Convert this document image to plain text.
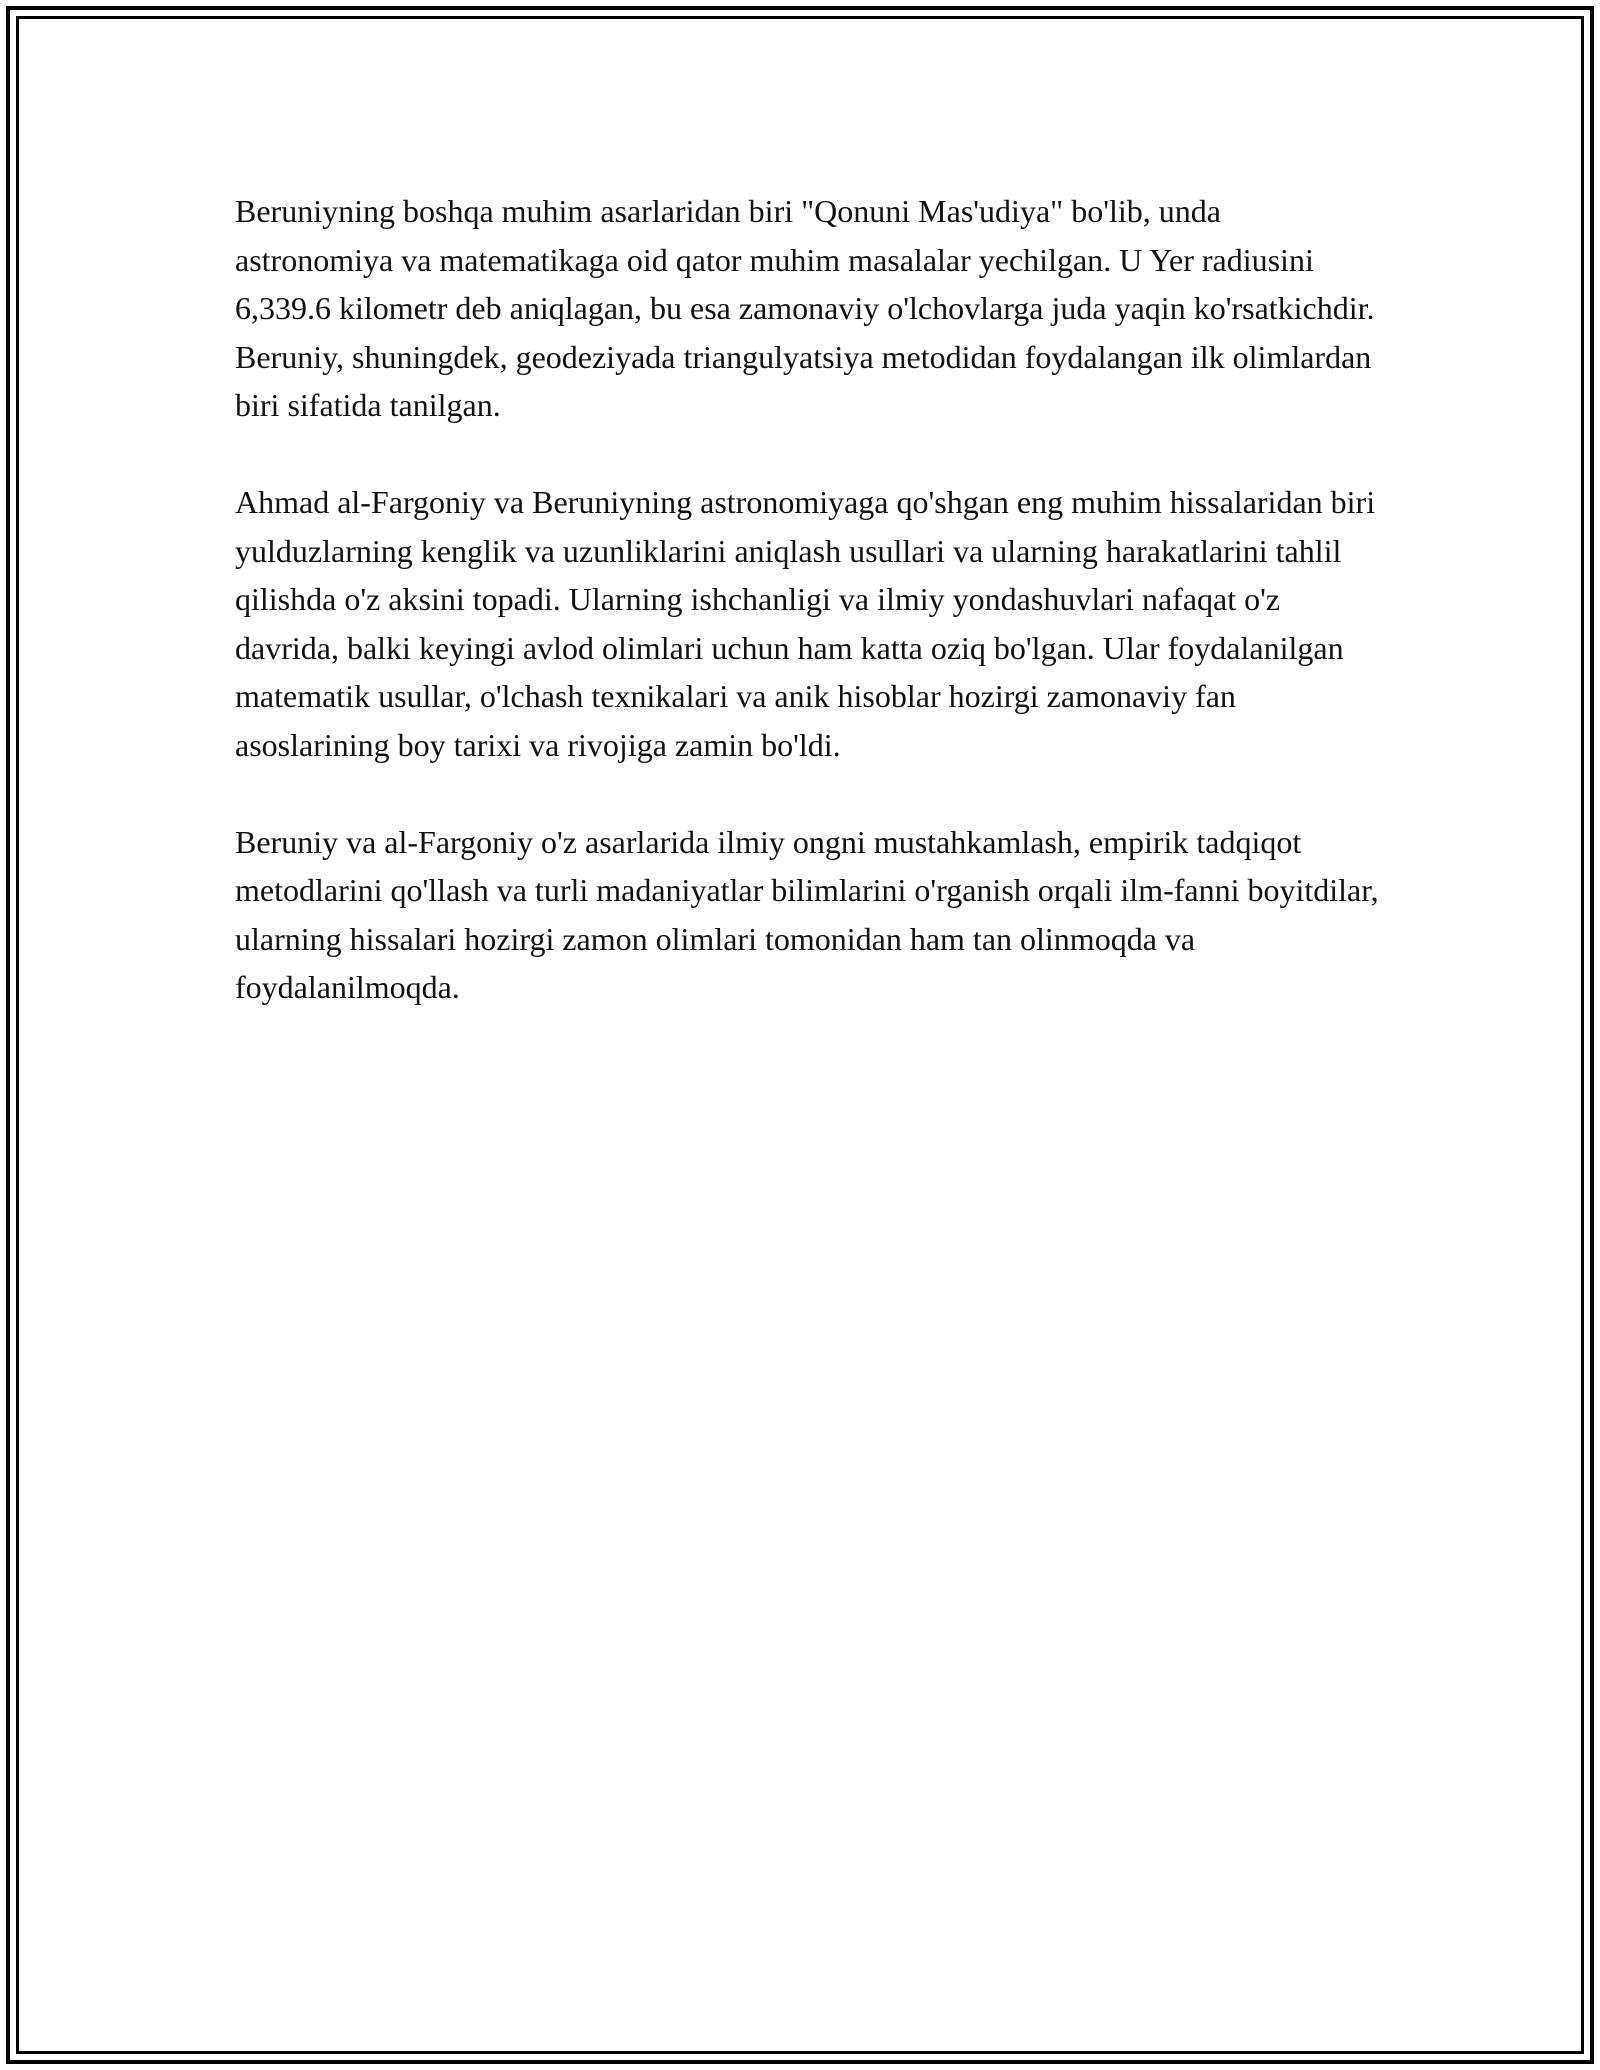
Beruniyning boshqa muhim asarlaridan biri "Qonuni Mas'udiya" bo'lib, unda astronomiya va matematikaga oid qator muhim masalalar yechilgan. U Yer radiusini 6,339.6 kilometr deb aniqlagan, bu esa zamonaviy o'lchovlarga juda yaqin ko'rsatkichdir. Beruniy, shuningdek, geodeziyada triangulyatsiya metodidan foydalangan ilk olimlardan biri sifatida tanilgan.

Ahmad al-Fargoniy va Beruniyning astronomiyaga qo'shgan eng muhim hissalaridan biri yulduzlarning kenglik va uzunliklarini aniqlash usullari va ularning harakatlarini tahlil qilishda o'z aksini topadi. Ularning ishchanligi va ilmiy yondashuvlari nafaqat o'z davrida, balki keyingi avlod olimlari uchun ham katta oziq bo'lgan. Ular foydalanilgan matematik usullar, o'lchash texnikalari va anik hisoblar hozirgi zamonaviy fan asoslarining boy tarixi va rivojiga zamin bo'ldi.

Beruniy va al-Fargoniy o'z asarlarida ilmiy ongni mustahkamlash, empirik tadqiqot metodlarini qo'llash va turli madaniyatlar bilimlarini o'rganish orqali ilm-fanni boyitdilar, ularning hissalari hozirgi zamon olimlari tomonidan ham tan olinmoqda va foydalanilmoqda.
